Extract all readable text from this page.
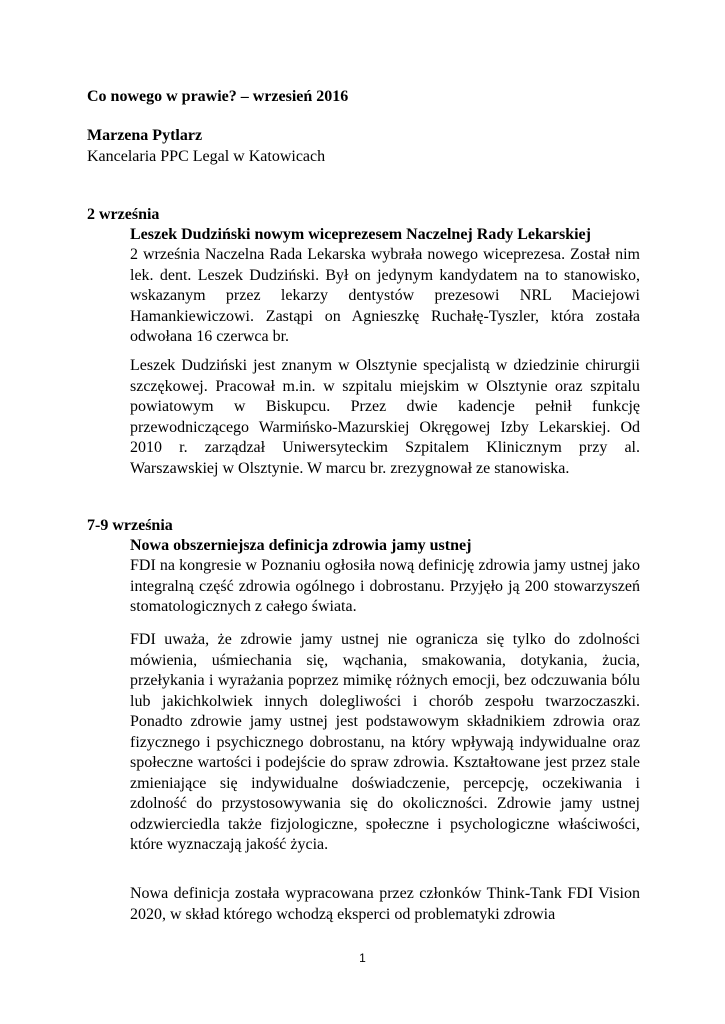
Co nowego w prawie? – wrzesień 2016
Marzena Pytlarz
Kancelaria PPC Legal w Katowicach
2 września
Leszek Dudziński nowym wiceprezesem Naczelnej Rady Lekarskiej

2 września Naczelna Rada Lekarska wybrała nowego wiceprezesa. Został nim lek. dent. Leszek Dudziński. Był on jedynym kandydatem na to stanowisko, wskazanym przez lekarzy dentystów prezesowi NRL Maciejowi Hamankiewiczowi. Zastąpi on Agnieszkę Ruchałę-Tyszler, która została odwołana 16 czerwca br.

Leszek Dudziński jest znanym w Olsztynie specjalistą w dziedzinie chirurgii szczękowej. Pracował m.in. w szpitalu miejskim w Olsztynie oraz szpitalu powiatowym w Biskupcu. Przez dwie kadencje pełnił funkcję przewodniczącego Warmińsko-Mazurskiej Okręgowej Izby Lekarskiej. Od 2010 r. zarządzał Uniwersyteckim Szpitalem Klinicznym przy al. Warszawskiej w Olsztynie. W marcu br. zrezygnował ze stanowiska.

7-9 września
Nowa obszerniejsza definicja zdrowia jamy ustnej

FDI na kongresie w Poznaniu ogłosiła nową definicję zdrowia jamy ustnej jako integralną część zdrowia ogólnego i dobrostanu. Przyjęło ją 200 stowarzyszeń stomatologicznych z całego świata.

FDI uważa, że zdrowie jamy ustnej nie ogranicza się tylko do zdolności mówienia, uśmiechania się, wąchania, smakowania, dotykania, żucia, przełykania i wyrażania poprzez mimikę różnych emocji, bez odczuwania bólu lub jakichkolwiek innych dolegliwości i chorób zespołu twarzoczaszki. Ponadto zdrowie jamy ustnej jest podstawowym składnikiem zdrowia oraz fizycznego i psychicznego dobrostanu, na który wpływają indywidualne oraz społeczne wartości i podejście do spraw zdrowia. Kształtowane jest przez stale zmieniające się indywidualne doświadczenie, percepcję, oczekiwania i zdolność do przystosowywania się do okoliczności. Zdrowie jamy ustnej odzwierciedla także fizjologiczne, społeczne i psychologiczne właściwości, które wyznaczają jakość życia.

Nowa definicja została wypracowana przez członków Think-Tank FDI Vision 2020, w skład którego wchodzą eksperci od problematyki zdrowia

1
